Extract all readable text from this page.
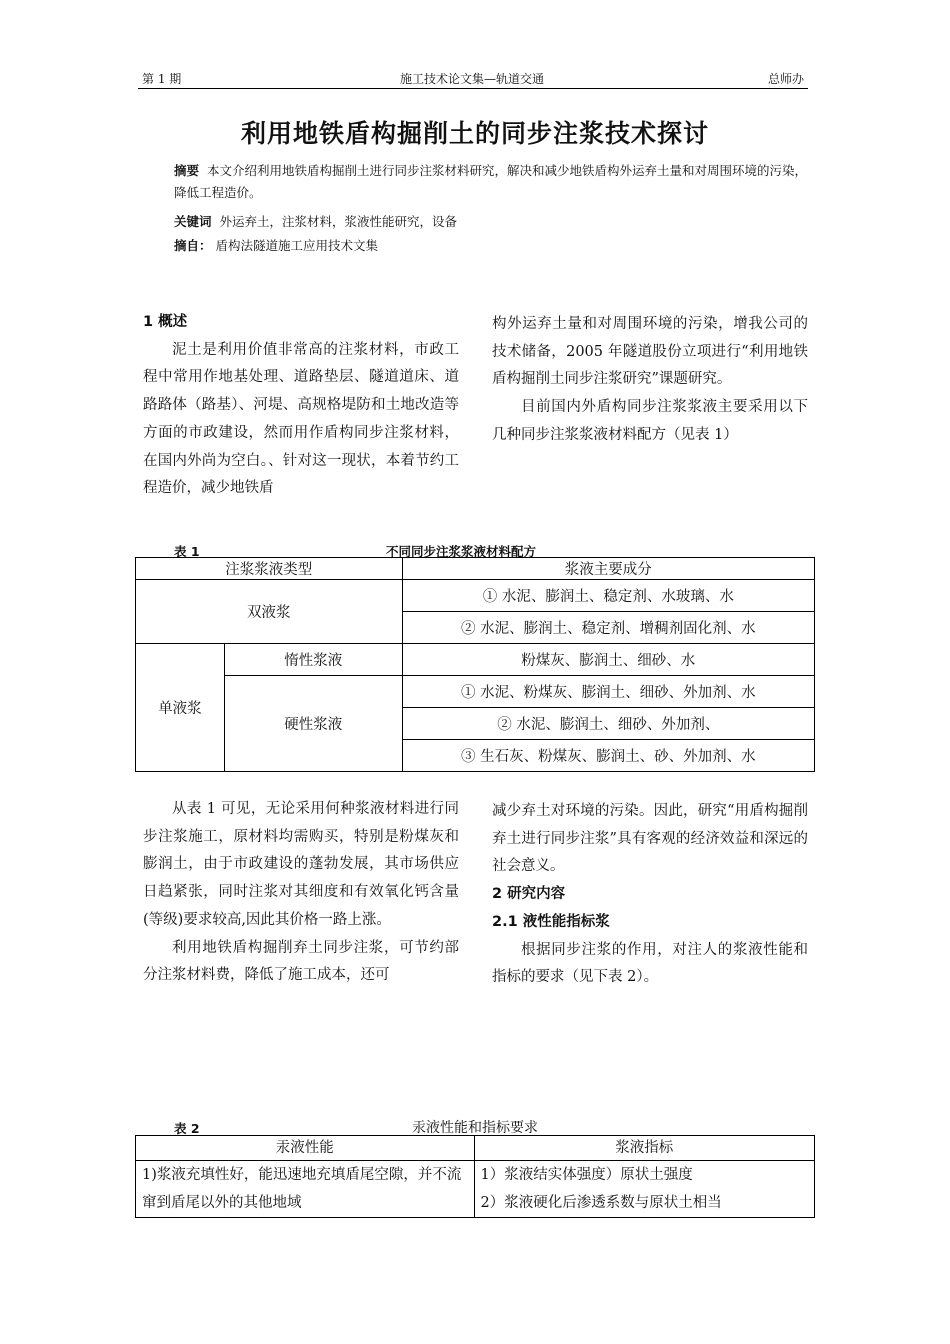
第 1 期	施工技术论文集—轨道交通	总师办
利用地铁盾构掘削土的同步注浆技术探讨
摘要 本文介绍利用地铁盾构掘削土进行同步注浆材料研究，解决和减少地铁盾构外运弃土量和对周围环境的污染，降低工程造价。
关键词 外运弃土，注浆材料，浆液性能研究，设备
摘自： 盾构法隧道施工应用技术文集

1 概述

泥土是利用价值非常高的注浆材料，市政工程中常用作地基处理、道路垫层、隧道道床、道路路体（路基）、河堤、高规格堤防和土地改造等方面的市政建设，然而用作盾构同步注浆材料，在国内外尚为空白。、针对这一现状，本着节约工程造价，减少地铁盾

构外运弃土量和对周围环境的污染，增我公司的技术储备，2005 年隧道股份立项进行“利用地铁盾构掘削土同步注浆研究”课题研究。

目前国内外盾构同步注浆浆液主要采用以下几种同步注浆浆液材料配方（见表 1）

表 1	不同同步注浆浆液材料配方
注浆浆液类型		浆液主要成分
双液浆		① 水泥、膨润土、稳定剂、水玻璃、水
		② 水泥、膨润土、稳定剂、增稠剂固化剂、水
单液浆	惰性浆液	粉煤灰、膨润土、细砂、水
	硬性浆液	① 水泥、粉煤灰、膨润土、细砂、外加剂、水
		② 水泥、膨润土、细砂、外加剂、
		③ 生石灰、粉煤灰、膨润土、砂、外加剂、水

从表 1 可见，无论采用何种浆液材料进行同步注浆施工，原材料均需购买，特别是粉煤灰和膨润土，由于市政建设的蓬勃发展，其市场供应日趋紧张，同时注浆对其细度和有效氧化钙含量(等级)要求较高,因此其价格一路上涨。

利用地铁盾构掘削弃土同步注浆，可节约部分注浆材料费，降低了施工成本，还可

减少弃土对环境的污染。因此，研究“用盾构掘削弃土进行同步注浆”具有客观的经济效益和深远的社会意义。

2 研究内容

2.1 液性能指标浆

根据同步注浆的作用，对注人的浆液性能和指标的要求（见下表 2）。

表 2	汞液性能和指标要求
汞液性能	浆液指标
1)浆液充填性好，能迅速地充填盾尾空隙，并不流窜到盾尾以外的其他地域	1）浆液结实体强度）原状土强度
2）浆液硬化后渗透系数与原状土相当
